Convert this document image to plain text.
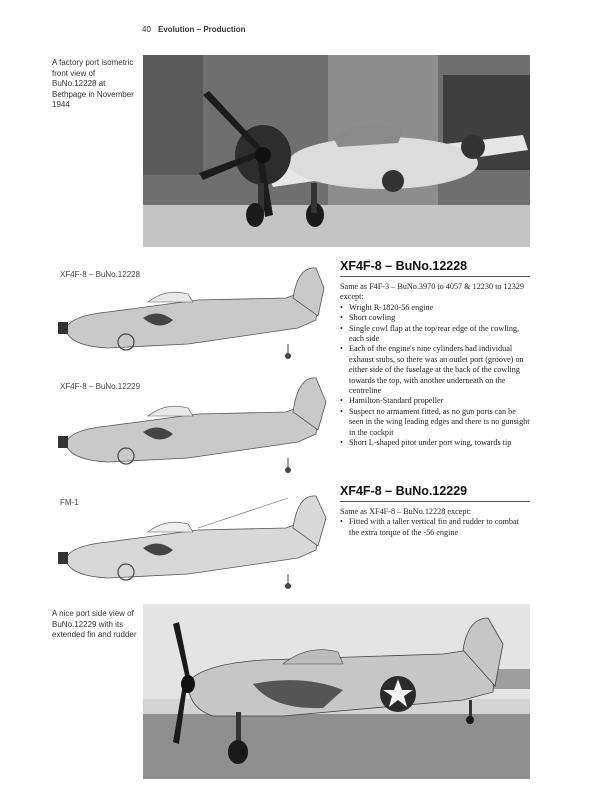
40 Evolution – Production
A factory port isometric front view of BuNo.12228 at Bethpage in November 1944
XF4F-8 – BuNo.12228
XF4F-8 – BuNo.12229
FM-1
XF4F-8 – BuNo.12228
Same as F4F-3 – BuNo.3970 to 4057 & 12230 to 12329 except:
• Wright R-1820-56 engine
• Short cowling
• Single cowl flap at the top/rear edge of the cowling, each side
• Each of the engine's nine cylinders had individual exhaust stubs, so there was an outlet port (groove) on either side of the fuselage at the back of the cowling towards the top, with another underneath on the centreline
• Hamilton-Standard propeller
• Suspect no armament fitted, as no gun ports can be seen in the wing leading edges and there is no gunsight in the cockpit
• Short L-shaped pitot under port wing, towards tip
XF4F-8 – BuNo.12229
Same as XF4F-8 – BuNo.12228 except:
• Fitted with a taller vertical fin and rudder to combat the extra torque of the -56 engine
A nice port side view of BuNo.12229 with its extended fin and rudder
